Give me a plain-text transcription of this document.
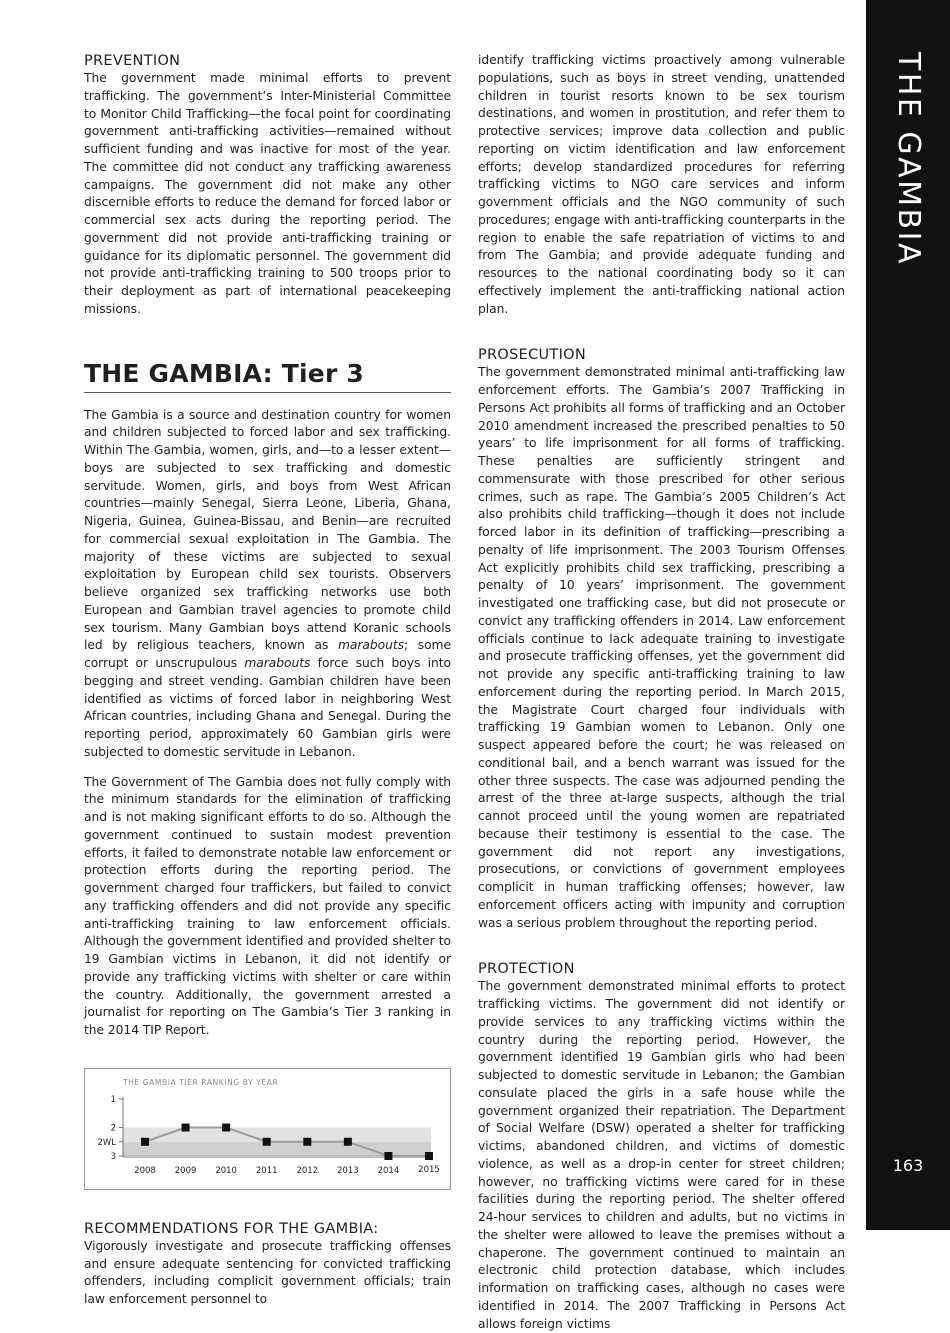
PREVENTION

The government made minimal efforts to prevent trafficking. The government’s Inter-Ministerial Committee to Monitor Child Trafficking—the focal point for coordinating government anti-trafficking activities—remained without sufficient funding and was inactive for most of the year. The committee did not conduct any trafficking awareness campaigns. The government did not make any other discernible efforts to reduce the demand for forced labor or commercial sex acts during the reporting period. The government did not provide anti-trafficking training or guidance for its diplomatic personnel. The government did not provide anti-trafficking training to 500 troops prior to their deployment as part of international peacekeeping missions.

THE GAMBIA: Tier 3

The Gambia is a source and destination country for women and children subjected to forced labor and sex trafficking. Within The Gambia, women, girls, and—to a lesser extent—boys are subjected to sex trafficking and domestic servitude. Women, girls, and boys from West African countries—mainly Senegal, Sierra Leone, Liberia, Ghana, Nigeria, Guinea, Guinea-Bissau, and Benin—are recruited for commercial sexual exploitation in The Gambia. The majority of these victims are subjected to sexual exploitation by European child sex tourists. Observers believe organized sex trafficking networks use both European and Gambian travel agencies to promote child sex tourism. Many Gambian boys attend Koranic schools led by religious teachers, known as marabouts; some corrupt or unscrupulous marabouts force such boys into begging and street vending. Gambian children have been identified as victims of forced labor in neighboring West African countries, including Ghana and Senegal. During the reporting period, approximately 60 Gambian girls were subjected to domestic servitude in Lebanon.

The Government of The Gambia does not fully comply with the minimum standards for the elimination of trafficking and is not making significant efforts to do so. Although the government continued to sustain modest prevention efforts, it failed to demonstrate notable law enforcement or protection efforts during the reporting period. The government charged four traffickers, but failed to convict any trafficking offenders and did not provide any specific anti-trafficking training to law enforcement officials. Although the government identified and provided shelter to 19 Gambian victims in Lebanon, it did not identify or provide any trafficking victims with shelter or care within the country. Additionally, the government arrested a journalist for reporting on The Gambia’s Tier 3 ranking in the 2014 TIP Report.

THE GAMBIA TIER RANKING BY YEAR
1
2
2WL
3
2008 2009 2010 2011 2012 2013 2014 2015
RECOMMENDATIONS FOR THE GAMBIA:

Vigorously investigate and prosecute trafficking offenses and ensure adequate sentencing for convicted trafficking offenders, including complicit government officials; train law enforcement personnel to

identify trafficking victims proactively among vulnerable populations, such as boys in street vending, unattended children in tourist resorts known to be sex tourism destinations, and women in prostitution, and refer them to protective services; improve data collection and public reporting on victim identification and law enforcement efforts; develop standardized procedures for referring trafficking victims to NGO care services and inform government officials and the NGO community of such procedures; engage with anti-trafficking counterparts in the region to enable the safe repatriation of victims to and from The Gambia; and provide adequate funding and resources to the national coordinating body so it can effectively implement the anti-trafficking national action plan.

PROSECUTION

The government demonstrated minimal anti-trafficking law enforcement efforts. The Gambia’s 2007 Trafficking in Persons Act prohibits all forms of trafficking and an October 2010 amendment increased the prescribed penalties to 50 years’ to life imprisonment for all forms of trafficking. These penalties are sufficiently stringent and commensurate with those prescribed for other serious crimes, such as rape. The Gambia’s 2005 Children’s Act also prohibits child trafficking—though it does not include forced labor in its definition of trafficking—prescribing a penalty of life imprisonment. The 2003 Tourism Offenses Act explicitly prohibits child sex trafficking, prescribing a penalty of 10 years’ imprisonment. The government investigated one trafficking case, but did not prosecute or convict any trafficking offenders in 2014. Law enforcement officials continue to lack adequate training to investigate and prosecute trafficking offenses, yet the government did not provide any specific anti-trafficking training to law enforcement during the reporting period. In March 2015, the Magistrate Court charged four individuals with trafficking 19 Gambian women to Lebanon. Only one suspect appeared before the court; he was released on conditional bail, and a bench warrant was issued for the other three suspects. The case was adjourned pending the arrest of the three at-large suspects, although the trial cannot proceed until the young women are repatriated because their testimony is essential to the case. The government did not report any investigations, prosecutions, or convictions of government employees complicit in human trafficking offenses; however, law enforcement officers acting with impunity and corruption was a serious problem throughout the reporting period.

PROTECTION

The government demonstrated minimal efforts to protect trafficking victims. The government did not identify or provide services to any trafficking victims within the country during the reporting period. However, the government identified 19 Gambian girls who had been subjected to domestic servitude in Lebanon; the Gambian consulate placed the girls in a safe house while the government organized their repatriation. The Department of Social Welfare (DSW) operated a shelter for trafficking victims, abandoned children, and victims of domestic violence, as well as a drop-in center for street children; however, no trafficking victims were cared for in these facilities during the reporting period. The shelter offered 24-hour services to children and adults, but no victims in the shelter were allowed to leave the premises without a chaperone. The government continued to maintain an electronic child protection database, which includes information on trafficking cases, although no cases were identified in 2014. The 2007 Trafficking in Persons Act allows foreign victims

THE GAMBIA
163
